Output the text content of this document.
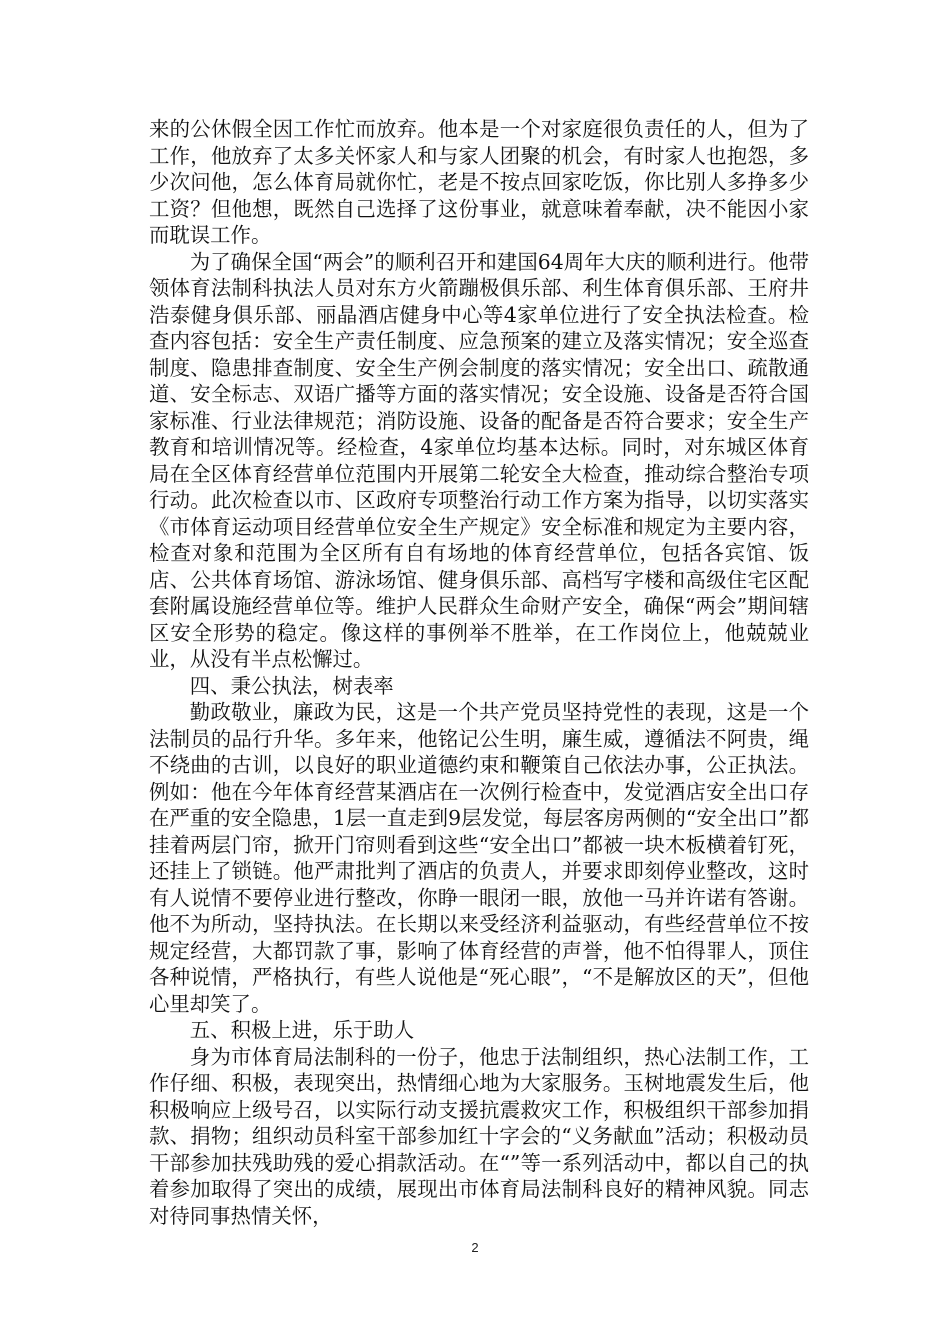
来的公休假全因工作忙而放弃。他本是一个对家庭很负责任的人，但为了工作，他放弃了太多关怀家人和与家人团聚的机会，有时家人也抱怨，多少次问他，怎么体育局就你忙，老是不按点回家吃饭，你比别人多挣多少工资？但他想，既然自己选择了这份事业，就意味着奉献，决不能因小家而耽误工作。

为了确保全国“两会”的顺利召开和建国64周年大庆的顺利进行。他带领体育法制科执法人员对东方火箭蹦极俱乐部、利生体育俱乐部、王府井浩泰健身俱乐部、丽晶酒店健身中心等4家单位进行了安全执法检查。检查内容包括：安全生产责任制度、应急预案的建立及落实情况；安全巡查制度、隐患排查制度、安全生产例会制度的落实情况；安全出口、疏散通道、安全标志、双语广播等方面的落实情况；安全设施、设备是否符合国家标准、行业法律规范；消防设施、设备的配备是否符合要求；安全生产教育和培训情况等。经检查，4家单位均基本达标。同时，对东城区体育局在全区体育经营单位范围内开展第二轮安全大检查，推动综合整治专项行动。此次检查以市、区政府专项整治行动工作方案为指导，以切实落实《市体育运动项目经营单位安全生产规定》安全标准和规定为主要内容，检查对象和范围为全区所有自有场地的体育经营单位，包括各宾馆、饭店、公共体育场馆、游泳场馆、健身俱乐部、高档写字楼和高级住宅区配套附属设施经营单位等。维护人民群众生命财产安全，确保“两会”期间辖区安全形势的稳定。像这样的事例举不胜举，在工作岗位上，他兢兢业业，从没有半点松懈过。

四、秉公执法，树表率

勤政敬业，廉政为民，这是一个共产党员坚持党性的表现，这是一个法制员的品行升华。多年来，他铭记公生明，廉生威，遵循法不阿贵，绳不绕曲的古训，以良好的职业道德约束和鞭策自己依法办事，公正执法。例如：他在今年体育经营某酒店在一次例行检查中，发觉酒店安全出口存在严重的安全隐患，1层一直走到9层发觉，每层客房两侧的“安全出口”都挂着两层门帘，掀开门帘则看到这些“安全出口”都被一块木板横着钉死，还挂上了锁链。他严肃批判了酒店的负责人，并要求即刻停业整改，这时有人说情不要停业进行整改，你睁一眼闭一眼，放他一马并许诺有答谢。他不为所动，坚持执法。在长期以来受经济利益驱动，有些经营单位不按规定经营，大都罚款了事，影响了体育经营的声誉，他不怕得罪人，顶住各种说情，严格执行，有些人说他是“死心眼”，“不是解放区的天”，但他心里却笑了。

五、积极上进，乐于助人

身为市体育局法制科的一份子，他忠于法制组织，热心法制工作，工作仔细、积极，表现突出，热情细心地为大家服务。玉树地震发生后，他积极响应上级号召，以实际行动支援抗震救灾工作，积极组织干部参加捐款、捐物；组织动员科室干部参加红十字会的“义务献血”活动；积极动员干部参加扶残助残的爱心捐款活动。在“”等一系列活动中，都以自己的执着参加取得了突出的成绩，展现出市体育局法制科良好的精神风貌。同志对待同事热情关怀，

2
